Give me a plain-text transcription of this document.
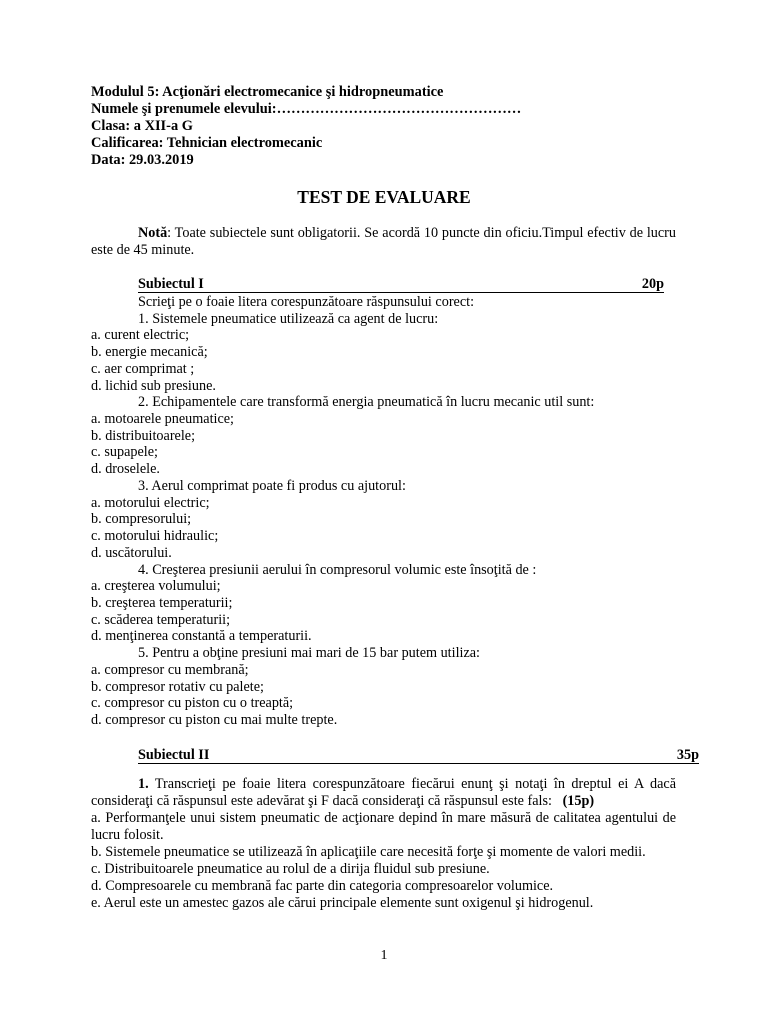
Modulul 5: Acţionări electromecanice şi hidropneumatice
Numele şi prenumele elevului:……………………………………………
Clasa: a XII-a G
Calificarea: Tehnician electromecanic
Data: 29.03.2019
TEST DE EVALUARE
Notă: Toate subiectele sunt obligatorii. Se acordă 10 puncte din oficiu.Timpul efectiv de lucru este de 45 minute.
Subiectul I	20p
Scrieţi pe o foaie litera corespunzătoare răspunsului corect:
1. Sistemele pneumatice utilizează ca agent de lucru:
a. curent electric;
b. energie mecanică;
c. aer comprimat ;
d. lichid sub presiune.
2. Echipamentele care transformă energia pneumatică în lucru mecanic util sunt:
a. motoarele pneumatice;
b. distribuitoarele;
c. supapele;
d. droselele.
3. Aerul comprimat poate fi produs cu ajutorul:
a. motorului electric;
b. compresorului;
c. motorului hidraulic;
d. uscătorului.
4. Creşterea presiunii aerului în compresorul volumic este însoţită de :
a. creşterea volumului;
b. creşterea temperaturii;
c. scăderea temperaturii;
d. menţinerea constantă a temperaturii.
5. Pentru a obţine presiuni mai mari de 15 bar putem utiliza:
a. compresor cu membrană;
b. compresor rotativ cu palete;
c. compresor cu piston cu o treaptă;
d. compresor cu piston cu mai multe trepte.
Subiectul II	35p
1. Transcrieţi pe foaie litera corespunzătoare fiecărui enunţ şi notaţi în dreptul ei A dacă consideraţi că răspunsul este adevărat şi F dacă consideraţi că răspunsul este fals: (15p)
a. Performanţele unui sistem pneumatic de acţionare depind în mare măsură de calitatea agentului de lucru folosit.
b. Sistemele pneumatice se utilizează în aplicaţiile care necesită forţe şi momente de valori medii.
c. Distribuitoarele pneumatice au rolul de a dirija fluidul sub presiune.
d. Compresoarele cu membrană fac parte din categoria compresoarelor volumice.
e. Aerul este un amestec gazos ale cărui principale elemente sunt oxigenul şi hidrogenul.
1
